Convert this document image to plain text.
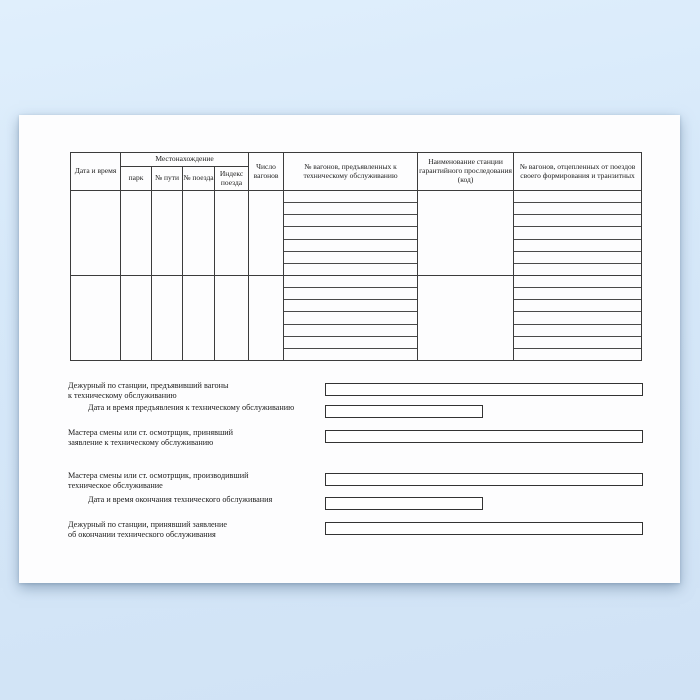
Дата и время	Местонахождение				Число вагонов	№ вагонов, предъявленных к техническому обслуживанию	Наименование станции гарантийного проследования (код)	№ вагонов, отцепленных от поездов своего формирования и транзитных
	парк	№ пути	№ поезда	Индекс поезда				

Дежурный по станции, предъявивший вагоны
к техническому обслуживанию
Дата и время предъявления к техническому обслуживанию
Мастера смены или ст. осмотрщик, принявший
заявление к техническому обслуживанию
Мастера смены или ст. осмотрщик, производивший
техническое обслуживание
Дата и время окончания технического обслуживания
Дежурный по станции, принявший заявление
об окончании технического обслуживания
